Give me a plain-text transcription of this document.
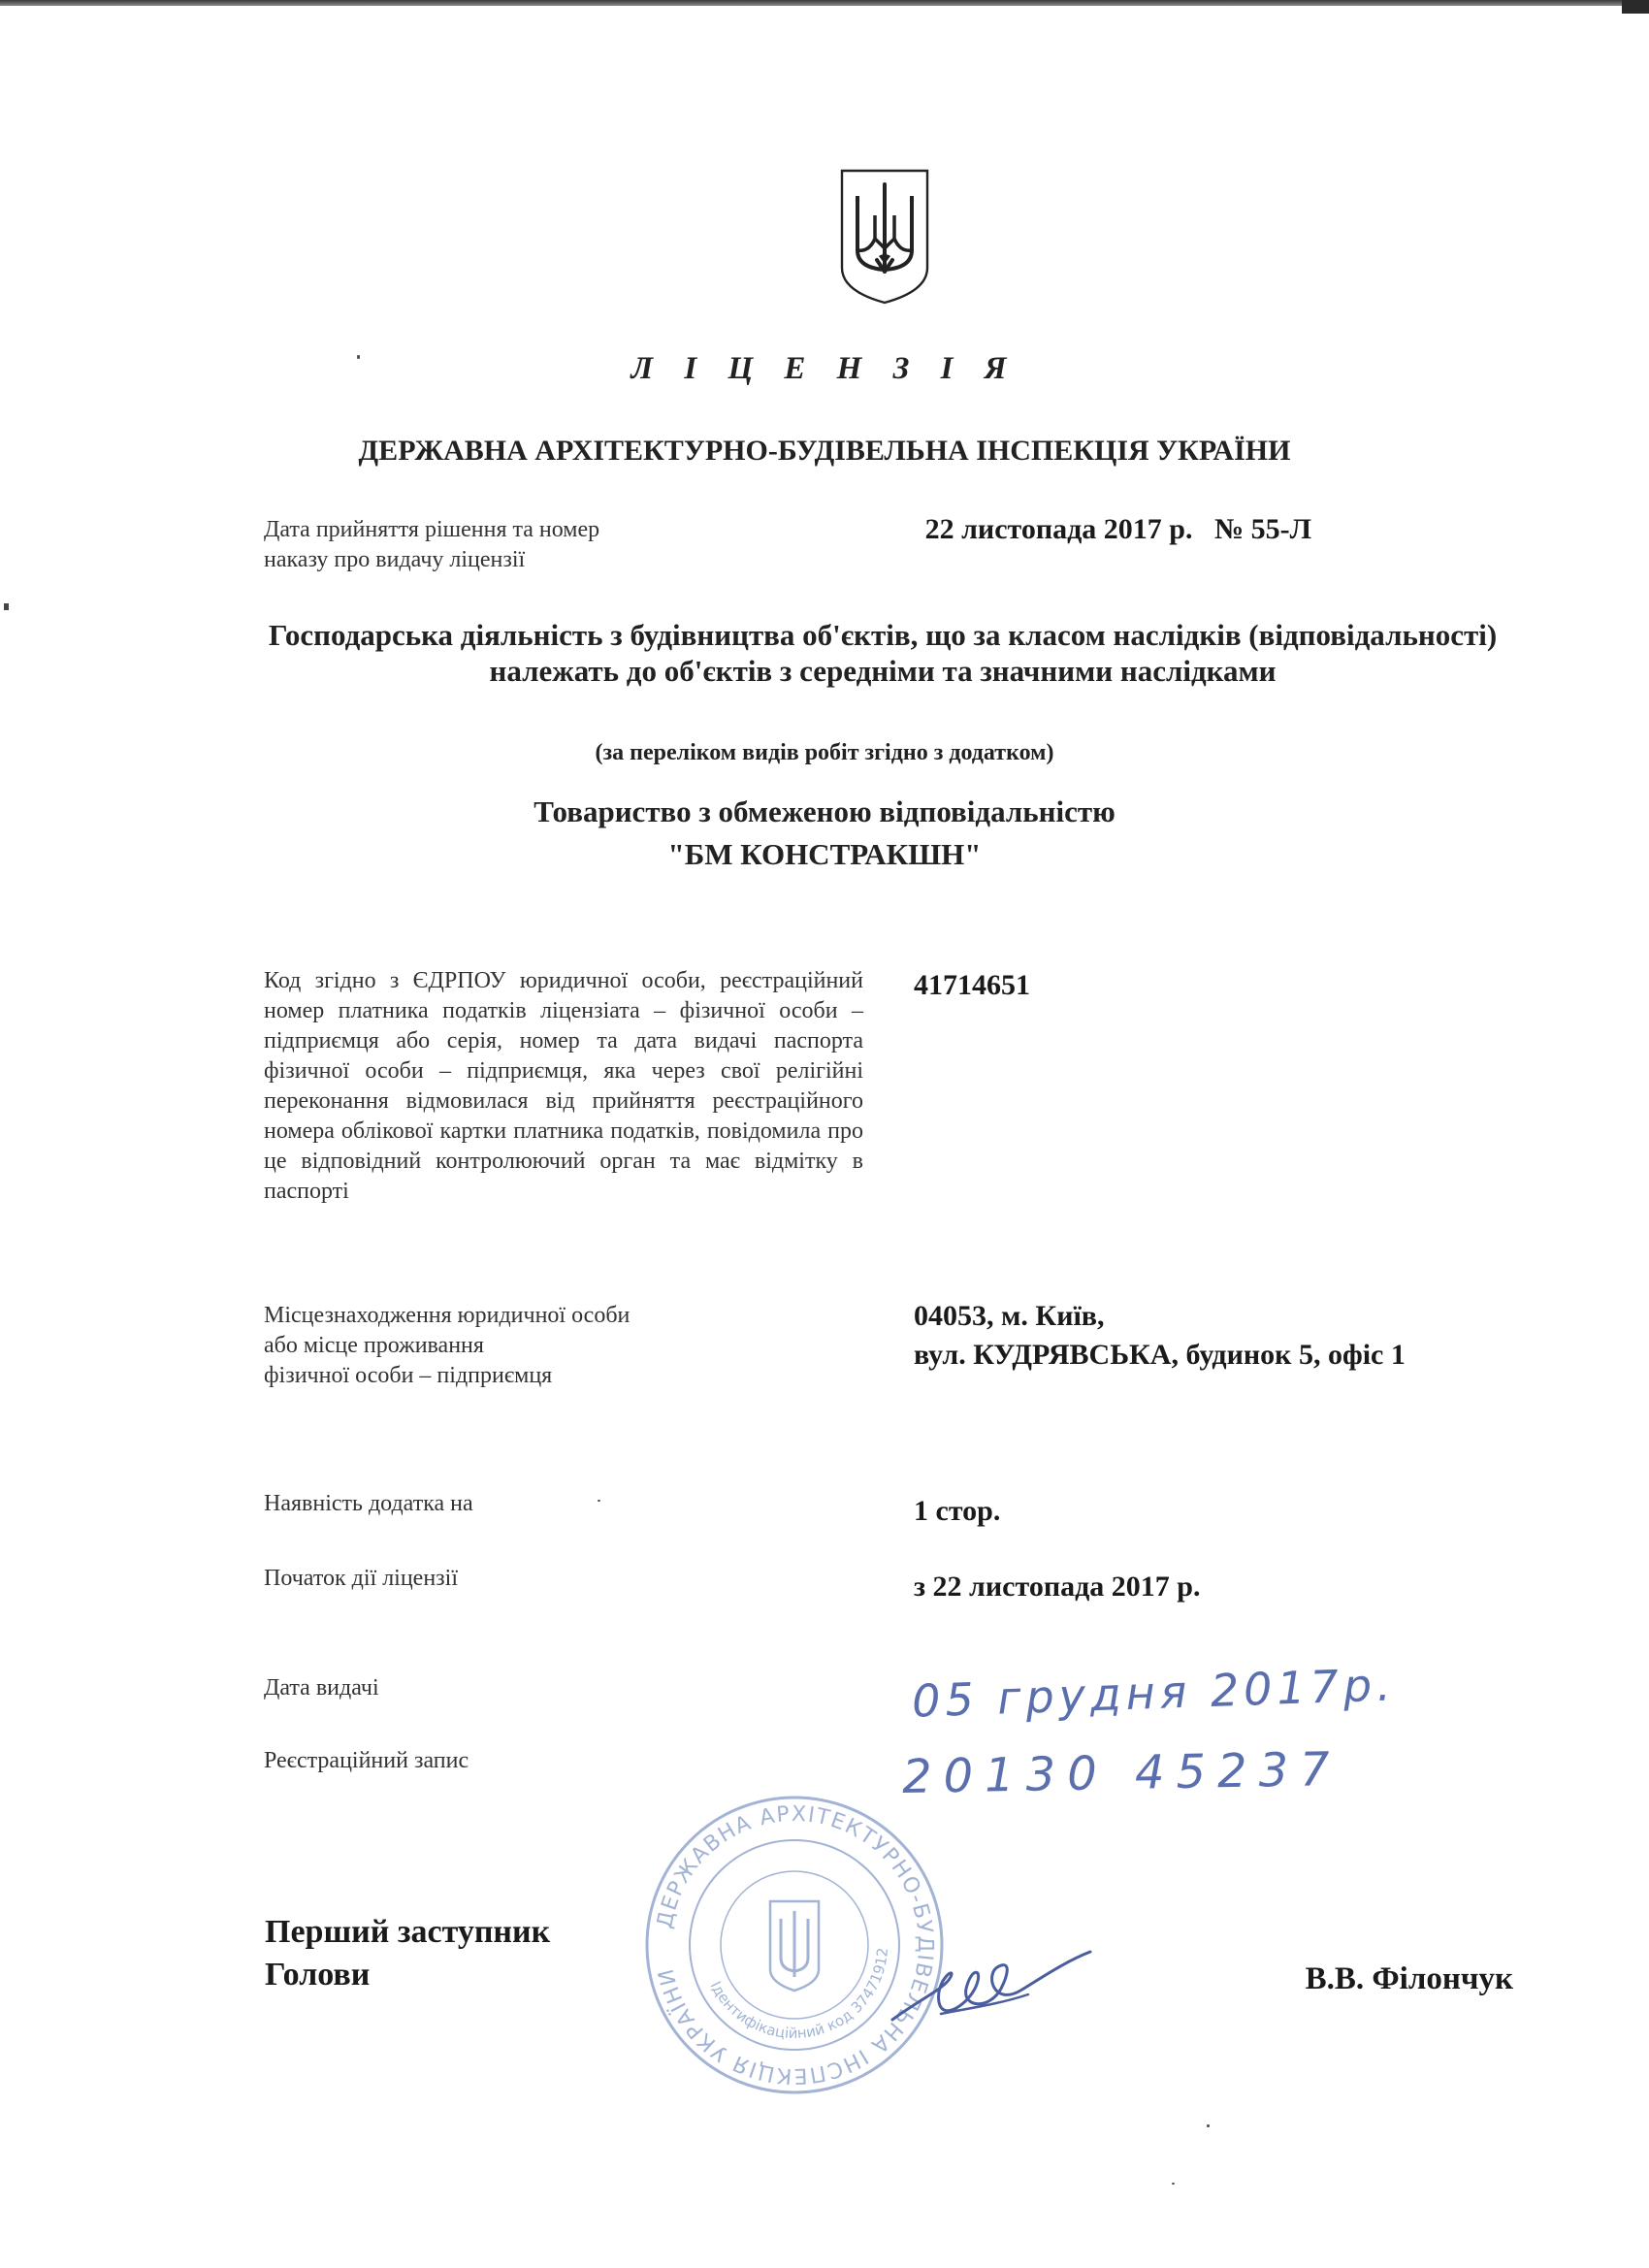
Л І Ц Е Н З І Я
ДЕРЖАВНА АРХІТЕКТУРНО-БУДІВЕЛЬНА ІНСПЕКЦІЯ УКРАЇНИ
Дата прийняття рішення та номер
наказу про видачу ліцензії
22 листопада 2017 р.   № 55-Л
Господарська діяльність з будівництва об'єктів, що за класом наслідків (відповідальності) належать до об'єктів з середніми та значними наслідками
(за переліком видів робіт згідно з додатком)
Товариство з обмеженою відповідальністю
"БМ КОНСТРАКШН"
Код згідно з ЄДРПОУ юридичної особи, реєстраційний номер платника податків ліцензіата – фізичної особи – підприємця або серія, номер та дата видачі паспорта фізичної особи – підприємця, яка через свої релігійні переконання відмовилася від прийняття реєстраційного номера облікової картки платника податків, повідомила про це відповідний контролюючий орган та має відмітку в паспорті
41714651
Місцезнаходження юридичної особи
або місце проживання
фізичної особи – підприємця
04053, м. Київ,
вул. КУДРЯВСЬКА, будинок 5, офіс 1
Наявність додатка на	1 стор.
Початок дії ліцензії	з 22 листопада 2017 р.
Дата видачі	05 грудня 2017р.
Реєстраційний запис	20130 45237
ДЕРЖАВНА АРХІТЕКТУРНО-БУДІВЕЛЬНА ІНСПЕКЦІЯ УКРАЇНИ	Ідентифікаційний код 37471912
Перший заступник
Голови	В.В. Філончук
